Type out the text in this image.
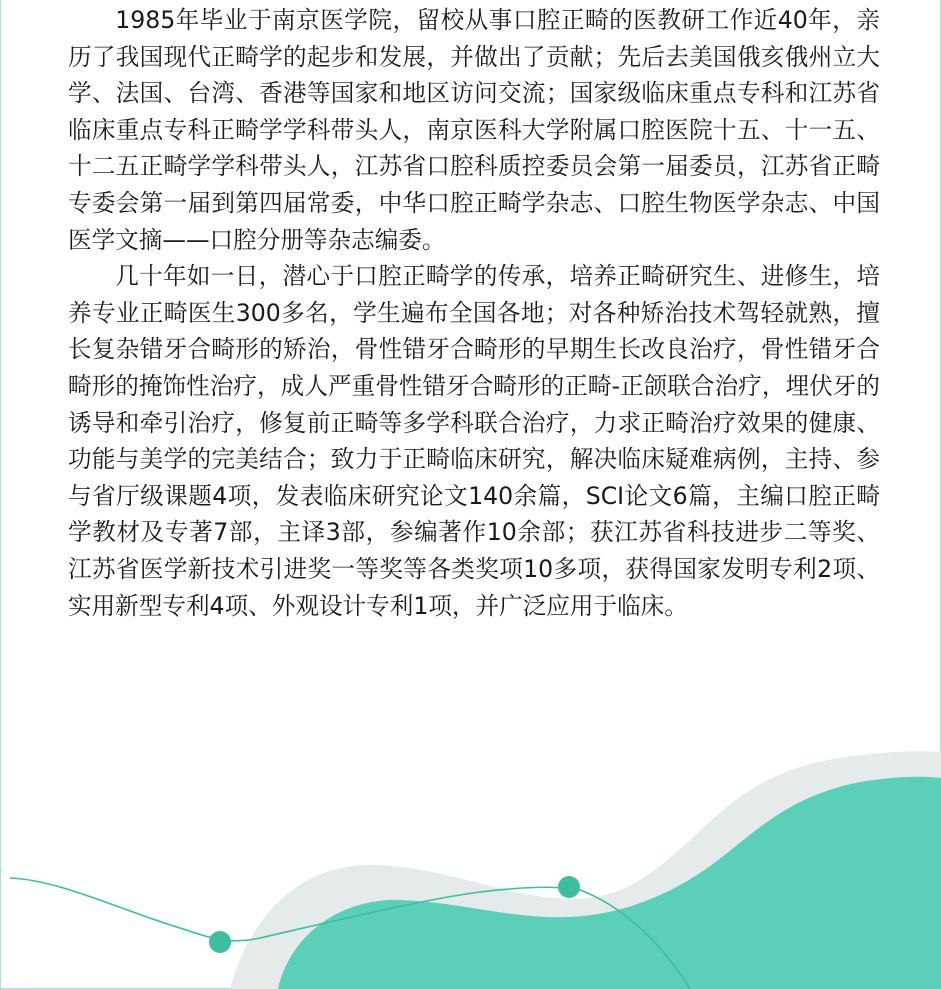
1985年毕业于南京医学院，留校从事口腔正畸的医教研工作近40年，亲历了我国现代正畸学的起步和发展，并做出了贡献；先后去美国俄亥俄州立大学、法国、台湾、香港等国家和地区访问交流；国家级临床重点专科和江苏省临床重点专科正畸学学科带头人，南京医科大学附属口腔医院十五、十一五、十二五正畸学学科带头人，江苏省口腔科质控委员会第一届委员，江苏省正畸专委会第一届到第四届常委，中华口腔正畸学杂志、口腔生物医学杂志、中国医学文摘——口腔分册等杂志编委。

几十年如一日，潜心于口腔正畸学的传承，培养正畸研究生、进修生，培养专业正畸医生300多名，学生遍布全国各地；对各种矫治技术驾轻就熟，擅长复杂错牙合畸形的矫治，骨性错牙合畸形的早期生长改良治疗，骨性错牙合畸形的掩饰性治疗，成人严重骨性错牙合畸形的正畸-正颌联合治疗，埋伏牙的诱导和牵引治疗，修复前正畸等多学科联合治疗，力求正畸治疗效果的健康、功能与美学的完美结合；致力于正畸临床研究，解决临床疑难病例，主持、参与省厅级课题4项，发表临床研究论文140余篇，SCI论文6篇，主编口腔正畸学教材及专著7部，主译3部，参编著作10余部；获江苏省科技进步二等奖、江苏省医学新技术引进奖一等奖等各类奖项10多项，获得国家发明专利2项、实用新型专利4项、外观设计专利1项，并广泛应用于临床。
